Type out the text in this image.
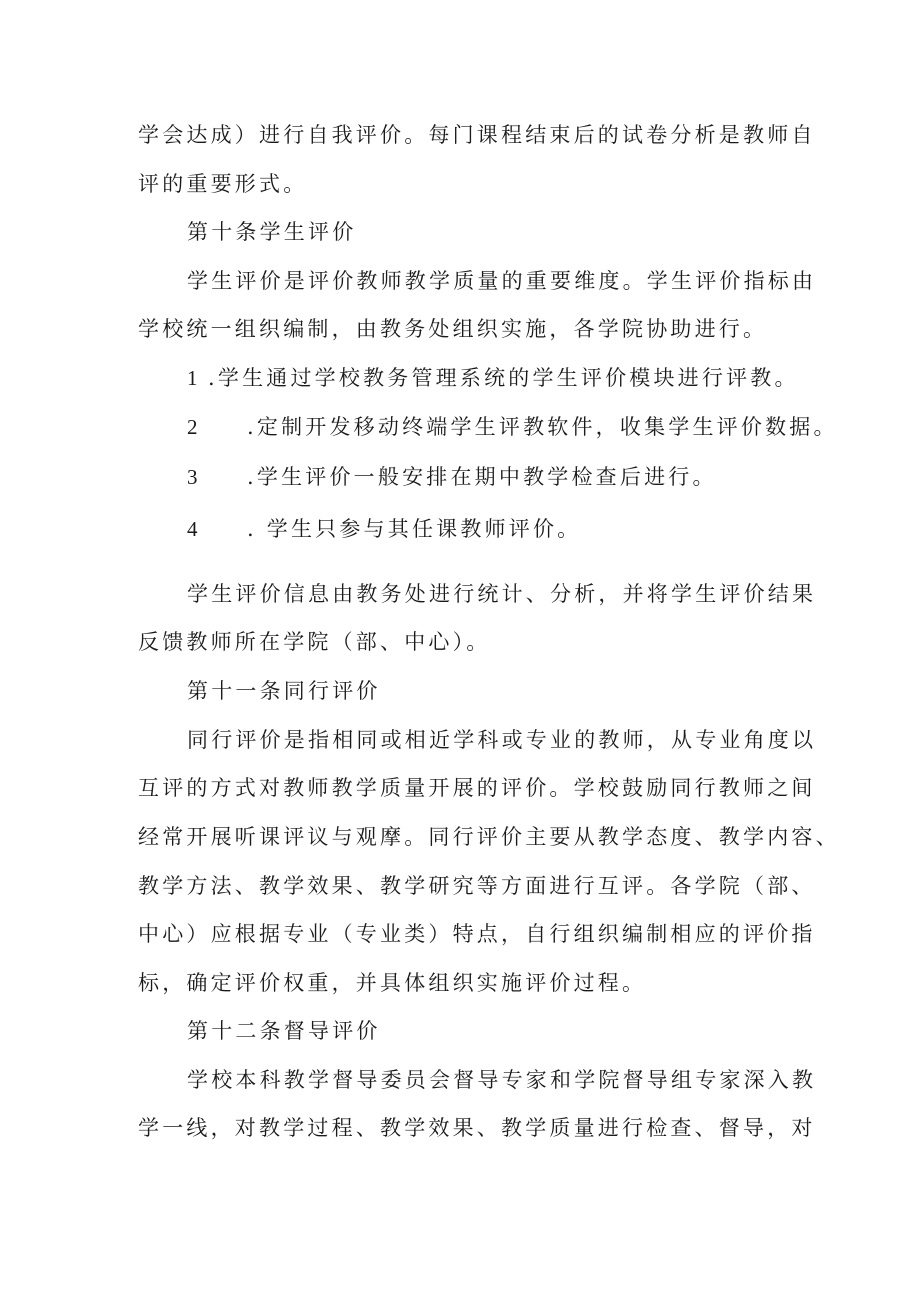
学会达成）进行自我评价。每门课程结束后的试卷分析是教师自
评的重要形式。
第十条学生评价
学生评价是评价教师教学质量的重要维度。学生评价指标由
学校统一组织编制，由教务处组织实施，各学院协助进行。
1 .学生通过学校教务管理系统的学生评价模块进行评教。
2 .定制开发移动终端学生评教软件，收集学生评价数据。
3 .学生评价一般安排在期中教学检查后进行。
4 . 学生只参与其任课教师评价。
学生评价信息由教务处进行统计、分析，并将学生评价结果
反馈教师所在学院（部、中心）。
第十一条同行评价
同行评价是指相同或相近学科或专业的教师，从专业角度以
互评的方式对教师教学质量开展的评价。学校鼓励同行教师之间
经常开展听课评议与观摩。同行评价主要从教学态度、教学内容、
教学方法、教学效果、教学研究等方面进行互评。各学院（部、
中心）应根据专业（专业类）特点，自行组织编制相应的评价指
标，确定评价权重，并具体组织实施评价过程。
第十二条督导评价
学校本科教学督导委员会督导专家和学院督导组专家深入教
学一线，对教学过程、教学效果、教学质量进行检查、督导，对
